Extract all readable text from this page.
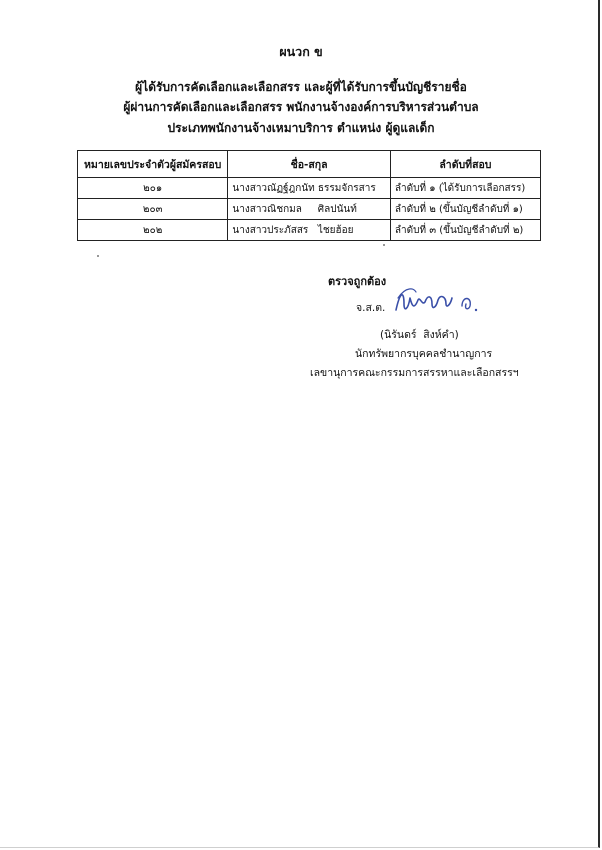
ผนวก ข
ผู้ได้รับการคัดเลือกและเลือกสรร และผู้ที่ได้รับการขึ้นบัญชีรายชื่อ
ผู้ผ่านการคัดเลือกและเลือกสรร พนักงานจ้างองค์การบริหารส่วนตำบล
ประเภทพนักงานจ้างเหมาบริการ ตำแหน่ง ผู้ดูแลเด็ก
หมายเลขประจำตัวผู้สมัครสอบ	ชื่อ-สกุล	ลำดับที่สอบ
๒๐๑	นางสาวณัฏฐ์ฎกนัท ธรรมจักรสาร	ลำดับที่ ๑ (ได้รับการเลือกสรร)
๒๐๓	นางสาวณิชกมล     ศิลปนันท์	ลำดับที่ ๒ (ขึ้นบัญชีลำดับที่ ๑)
๒๐๒	นางสาวประภัสสร   ไชยฮ้อย	ลำดับที่ ๓ (ขึ้นบัญชีลำดับที่ ๒)
ตรวจถูกต้อง
จ.ส.ต.
(นิรันดร์  สิงห์คำ)
นักทรัพยากรบุคคลชำนาญการ
เลขานุการคณะกรรมการสรรหาและเลือกสรรฯ
